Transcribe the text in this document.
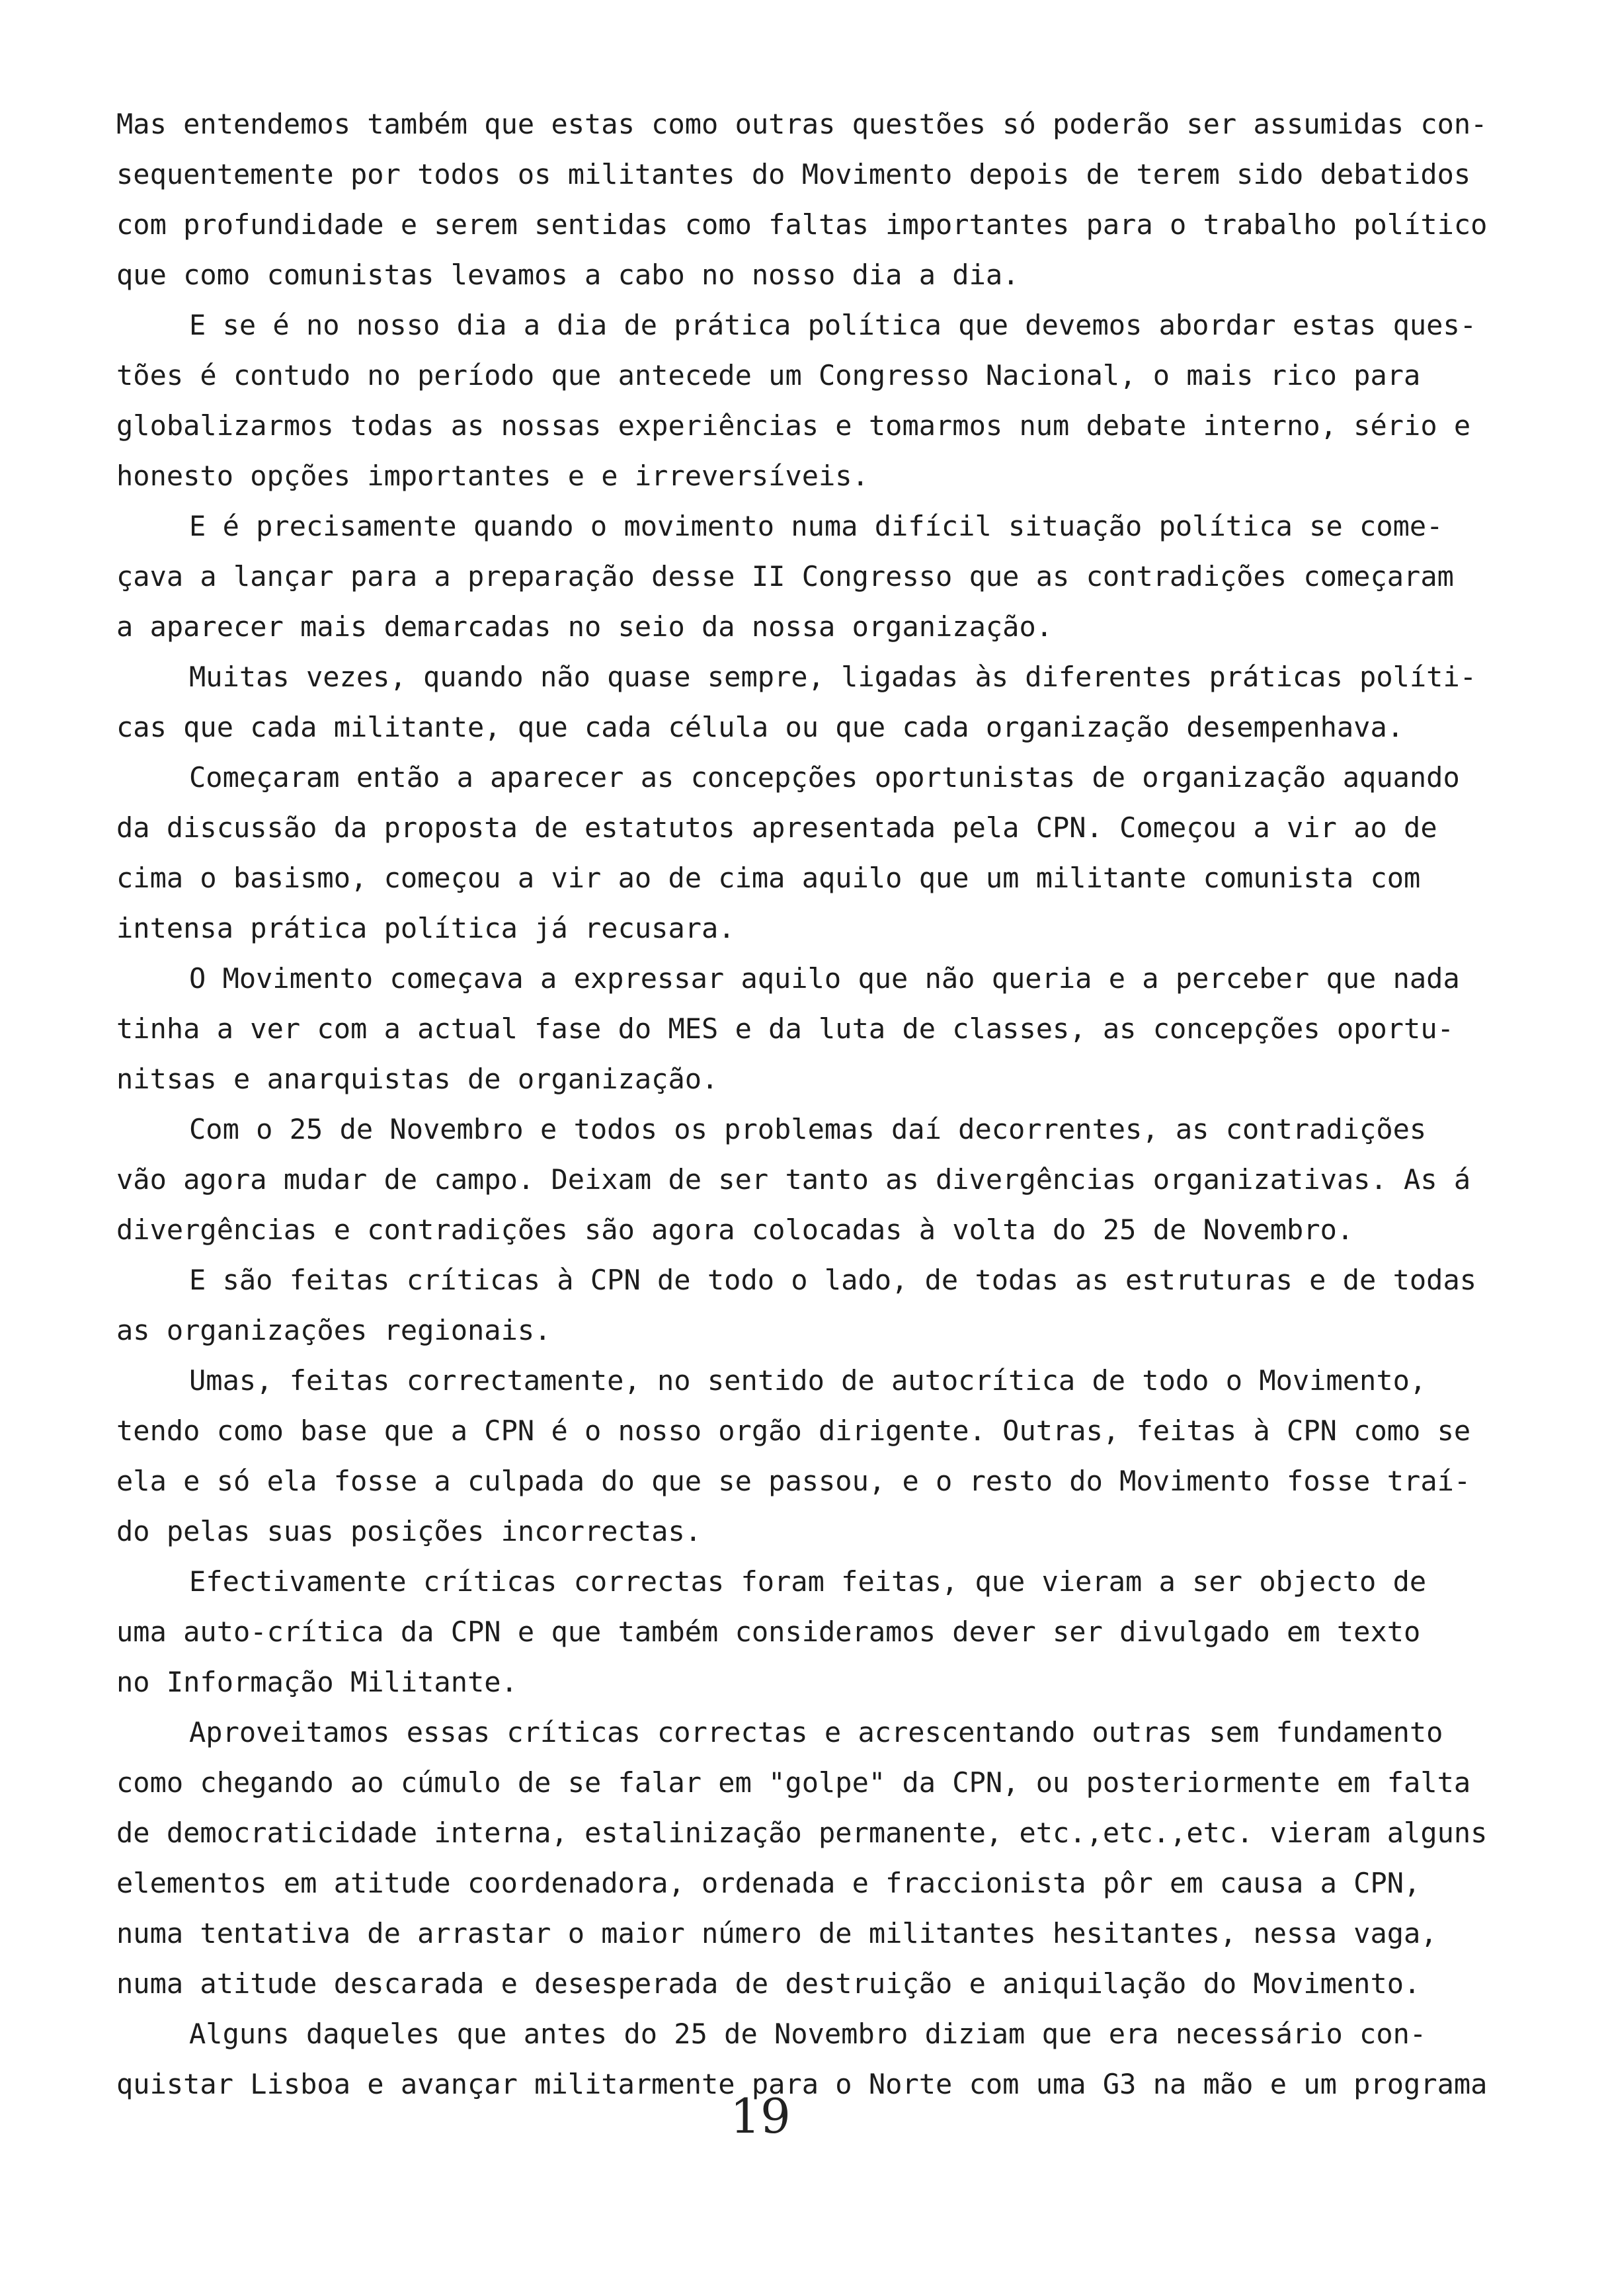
Mas entendemos também que estas como outras questões só poderão ser assumidas con-
sequentemente por todos os militantes do Movimento depois de terem sido debatidos
com profundidade e serem sentidas como faltas importantes para o trabalho político
que como comunistas levamos a cabo no nosso dia a dia.
E se é no nosso dia a dia de prática política que devemos abordar estas ques-
tões é contudo no período que antecede um Congresso Nacional, o mais rico para
globalizarmos todas as nossas experiências e tomarmos num debate interno, sério e
honesto opções importantes e e irreversíveis.
E é precisamente quando o movimento numa difícil situação política se come-
çava a lançar para a preparação desse II Congresso que as contradições começaram
a aparecer mais demarcadas no seio da nossa organização.
Muitas vezes, quando não quase sempre, ligadas às diferentes práticas políti-
cas que cada militante, que cada célula ou que cada organização desempenhava.
Começaram então a aparecer as concepções oportunistas de organização aquando
da discussão da proposta de estatutos apresentada pela CPN. Começou a vir ao de
cima o basismo, começou a vir ao de cima aquilo que um militante comunista com
intensa prática política já recusara.
O Movimento começava a expressar aquilo que não queria e a perceber que nada
tinha a ver com a actual fase do MES e da luta de classes, as concepções oportu-
nitsas e anarquistas de organização.
Com o 25 de Novembro e todos os problemas daí decorrentes, as contradições
vão agora mudar de campo. Deixam de ser tanto as divergências organizativas. As á
divergências e contradições são agora colocadas à volta do 25 de Novembro.
E são feitas críticas à CPN de todo o lado, de todas as estruturas e de todas
as organizações regionais.
Umas, feitas correctamente, no sentido de autocrítica de todo o Movimento,
tendo como base que a CPN é o nosso orgão dirigente. Outras, feitas à CPN como se
ela e só ela fosse a culpada do que se passou, e o resto do Movimento fosse traí-
do pelas suas posições incorrectas.
Efectivamente críticas correctas foram feitas, que vieram a ser objecto de
uma auto-crítica da CPN e que também consideramos dever ser divulgado em texto
no Informação Militante.
Aproveitamos essas críticas correctas e acrescentando outras sem fundamento
como chegando ao cúmulo de se falar em "golpe" da CPN, ou posteriormente em falta
de democraticidade interna, estalinização permanente, etc.,etc.,etc. vieram alguns
elementos em atitude coordenadora, ordenada e fraccionista pôr em causa a CPN,
numa tentativa de arrastar o maior número de militantes hesitantes, nessa vaga,
numa atitude descarada e desesperada de destruição e aniquilação do Movimento.
Alguns daqueles que antes do 25 de Novembro diziam que era necessário con-
quistar Lisboa e avançar militarmente para o Norte com uma G3 na mão e um programa
19
